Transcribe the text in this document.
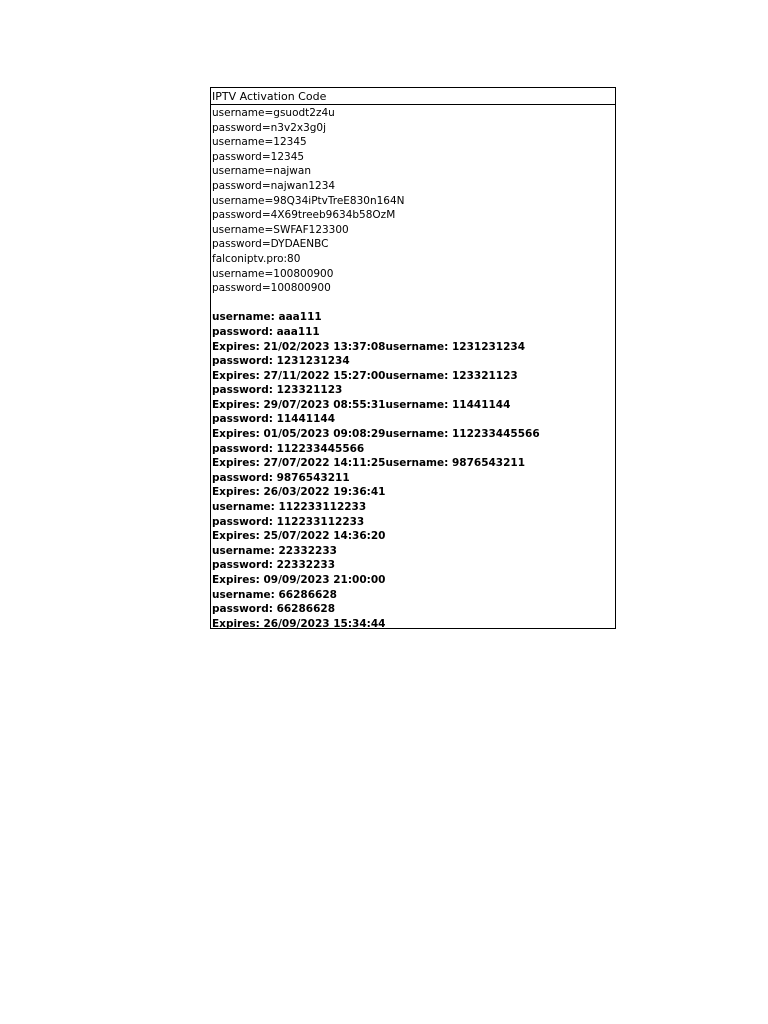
IPTV Activation Code
username=gsuodt2z4u
password=n3v2x3g0j
username=12345
password=12345
username=najwan
password=najwan1234
username=98Q34iPtvTreE830n164N
password=4X69treeb9634b58OzM
username=SWFAF123300
password=DYDAENBC
falconiptv.pro:80
username=100800900
password=100800900
username: aaa111
password: aaa111
Expires: 21/02/2023 13:37:08username: 1231231234
password: 1231231234
Expires: 27/11/2022 15:27:00username: 123321123
password: 123321123
Expires: 29/07/2023 08:55:31username: 11441144
password: 11441144
Expires: 01/05/2023 09:08:29username: 112233445566
password: 112233445566
Expires: 27/07/2022 14:11:25username: 9876543211
password: 9876543211
Expires: 26/03/2022 19:36:41
username: 112233112233
password: 112233112233
Expires: 25/07/2022 14:36:20
username: 22332233
password: 22332233
Expires: 09/09/2023 21:00:00
username: 66286628
password: 66286628
Expires: 26/09/2023 15:34:44
